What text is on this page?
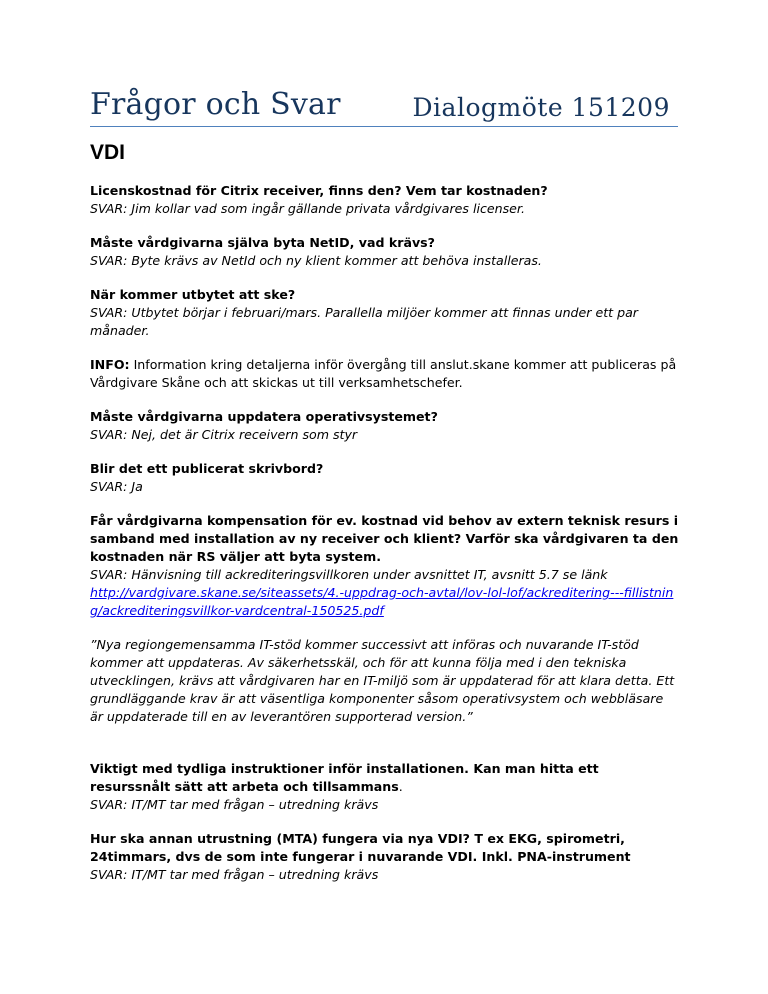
Frågor och Svar	Dialogmöte 151209
VDI

Licenskostnad för Citrix receiver, finns den? Vem tar kostnaden?

SVAR: Jim kollar vad som ingår gällande privata vårdgivares licenser.

Måste vårdgivarna själva byta NetID, vad krävs?

SVAR: Byte krävs av NetId och ny klient kommer att behöva installeras.

När kommer utbytet att ske?

SVAR: Utbytet börjar i februari/mars. Parallella miljöer kommer att finnas under ett par månader.

INFO: Information kring detaljerna inför övergång till anslut.skane kommer att publiceras på Vårdgivare Skåne och att skickas ut till verksamhetschefer.

Måste vårdgivarna uppdatera operativsystemet?

SVAR: Nej, det är Citrix receivern som styr

Blir det ett publicerat skrivbord?

SVAR: Ja

Får vårdgivarna kompensation för ev. kostnad vid behov av extern teknisk resurs i samband med installation av ny receiver och klient? Varför ska vårdgivaren ta den kostnaden när RS väljer att byta system.

SVAR: Hänvisning till ackrediteringsvillkoren under avsnittet IT, avsnitt 5.7 se länk

http://vardgivare.skane.se/siteassets/4.-uppdrag-och-avtal/lov-lol-lof/ackreditering---fillistning/ackrediteringsvillkor-vardcentral-150525.pdf

”Nya regiongemensamma IT-stöd kommer successivt att införas och nuvarande IT-stöd kommer att uppdateras. Av säkerhetsskäl, och för att kunna följa med i den tekniska utvecklingen, krävs att vårdgivaren har en IT-miljö som är uppdaterad för att klara detta. Ett grundläggande krav är att väsentliga komponenter såsom operativsystem och webbläsare är uppdaterade till en av leverantören supporterad version.”

Viktigt med tydliga instruktioner inför installationen. Kan man hitta ett resurssnålt sätt att arbeta och tillsammans.

SVAR: IT/MT tar med frågan – utredning krävs

Hur ska annan utrustning (MTA) fungera via nya VDI? T ex EKG, spirometri, 24timmars, dvs de som inte fungerar i nuvarande VDI. Inkl. PNA-instrument

SVAR: IT/MT tar med frågan – utredning krävs
